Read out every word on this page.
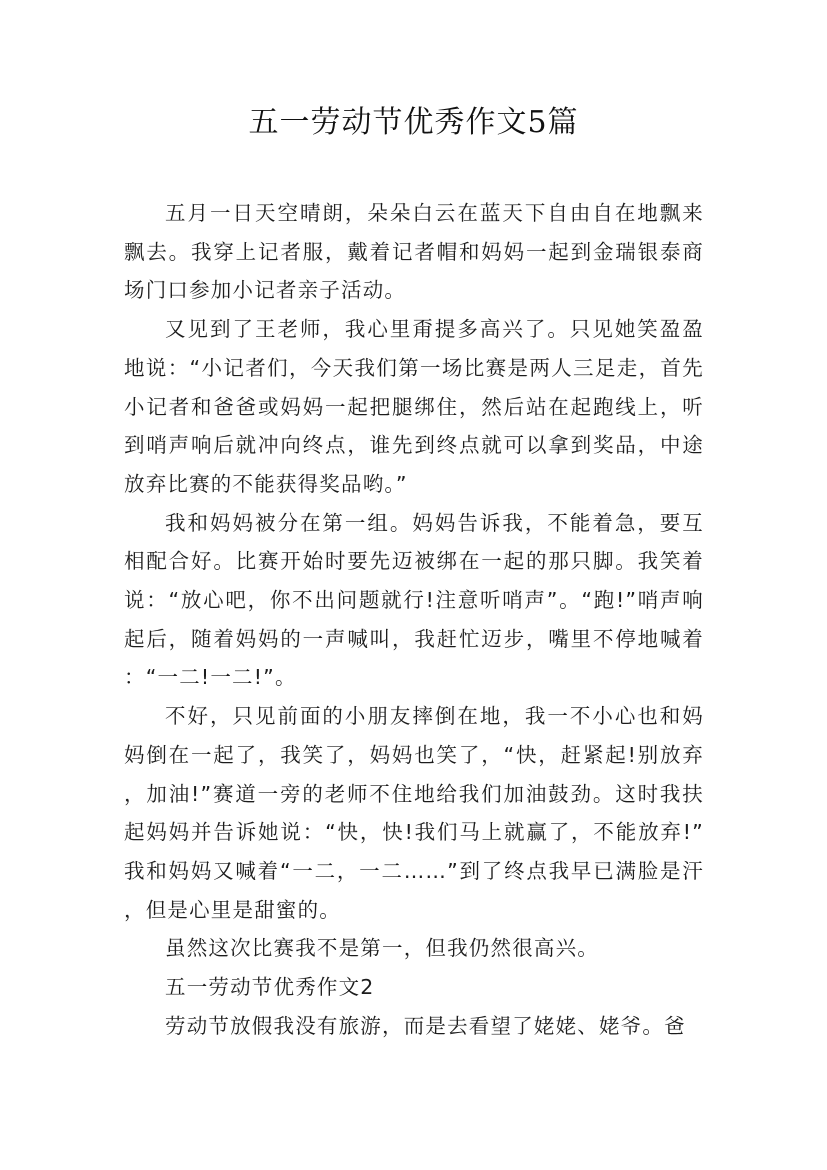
五一劳动节优秀作文5篇

五月一日天空晴朗，朵朵白云在蓝天下自由自在地飘来飘去。我穿上记者服，戴着记者帽和妈妈一起到金瑞银泰商场门口参加小记者亲子活动。

又见到了王老师，我心里甭提多高兴了。只见她笑盈盈地说：“小记者们，今天我们第一场比赛是两人三足走，首先小记者和爸爸或妈妈一起把腿绑住，然后站在起跑线上，听到哨声响后就冲向终点，谁先到终点就可以拿到奖品，中途放弃比赛的不能获得奖品哟。”

我和妈妈被分在第一组。妈妈告诉我，不能着急，要互相配合好。比赛开始时要先迈被绑在一起的那只脚。我笑着说：“放心吧，你不出问题就行!注意听哨声”。“跑!”哨声响起后，随着妈妈的一声喊叫，我赶忙迈步，嘴里不停地喊着：“一二!一二!”。

不好，只见前面的小朋友摔倒在地，我一不小心也和妈妈倒在一起了，我笑了，妈妈也笑了，“快，赶紧起!别放弃，加油!”赛道一旁的老师不住地给我们加油鼓劲。这时我扶起妈妈并告诉她说：“快，快!我们马上就赢了，不能放弃!”我和妈妈又喊着“一二，一二……”到了终点我早已满脸是汗，但是心里是甜蜜的。

虽然这次比赛我不是第一，但我仍然很高兴。

五一劳动节优秀作文2

劳动节放假我没有旅游，而是去看望了姥姥、姥爷。爸
